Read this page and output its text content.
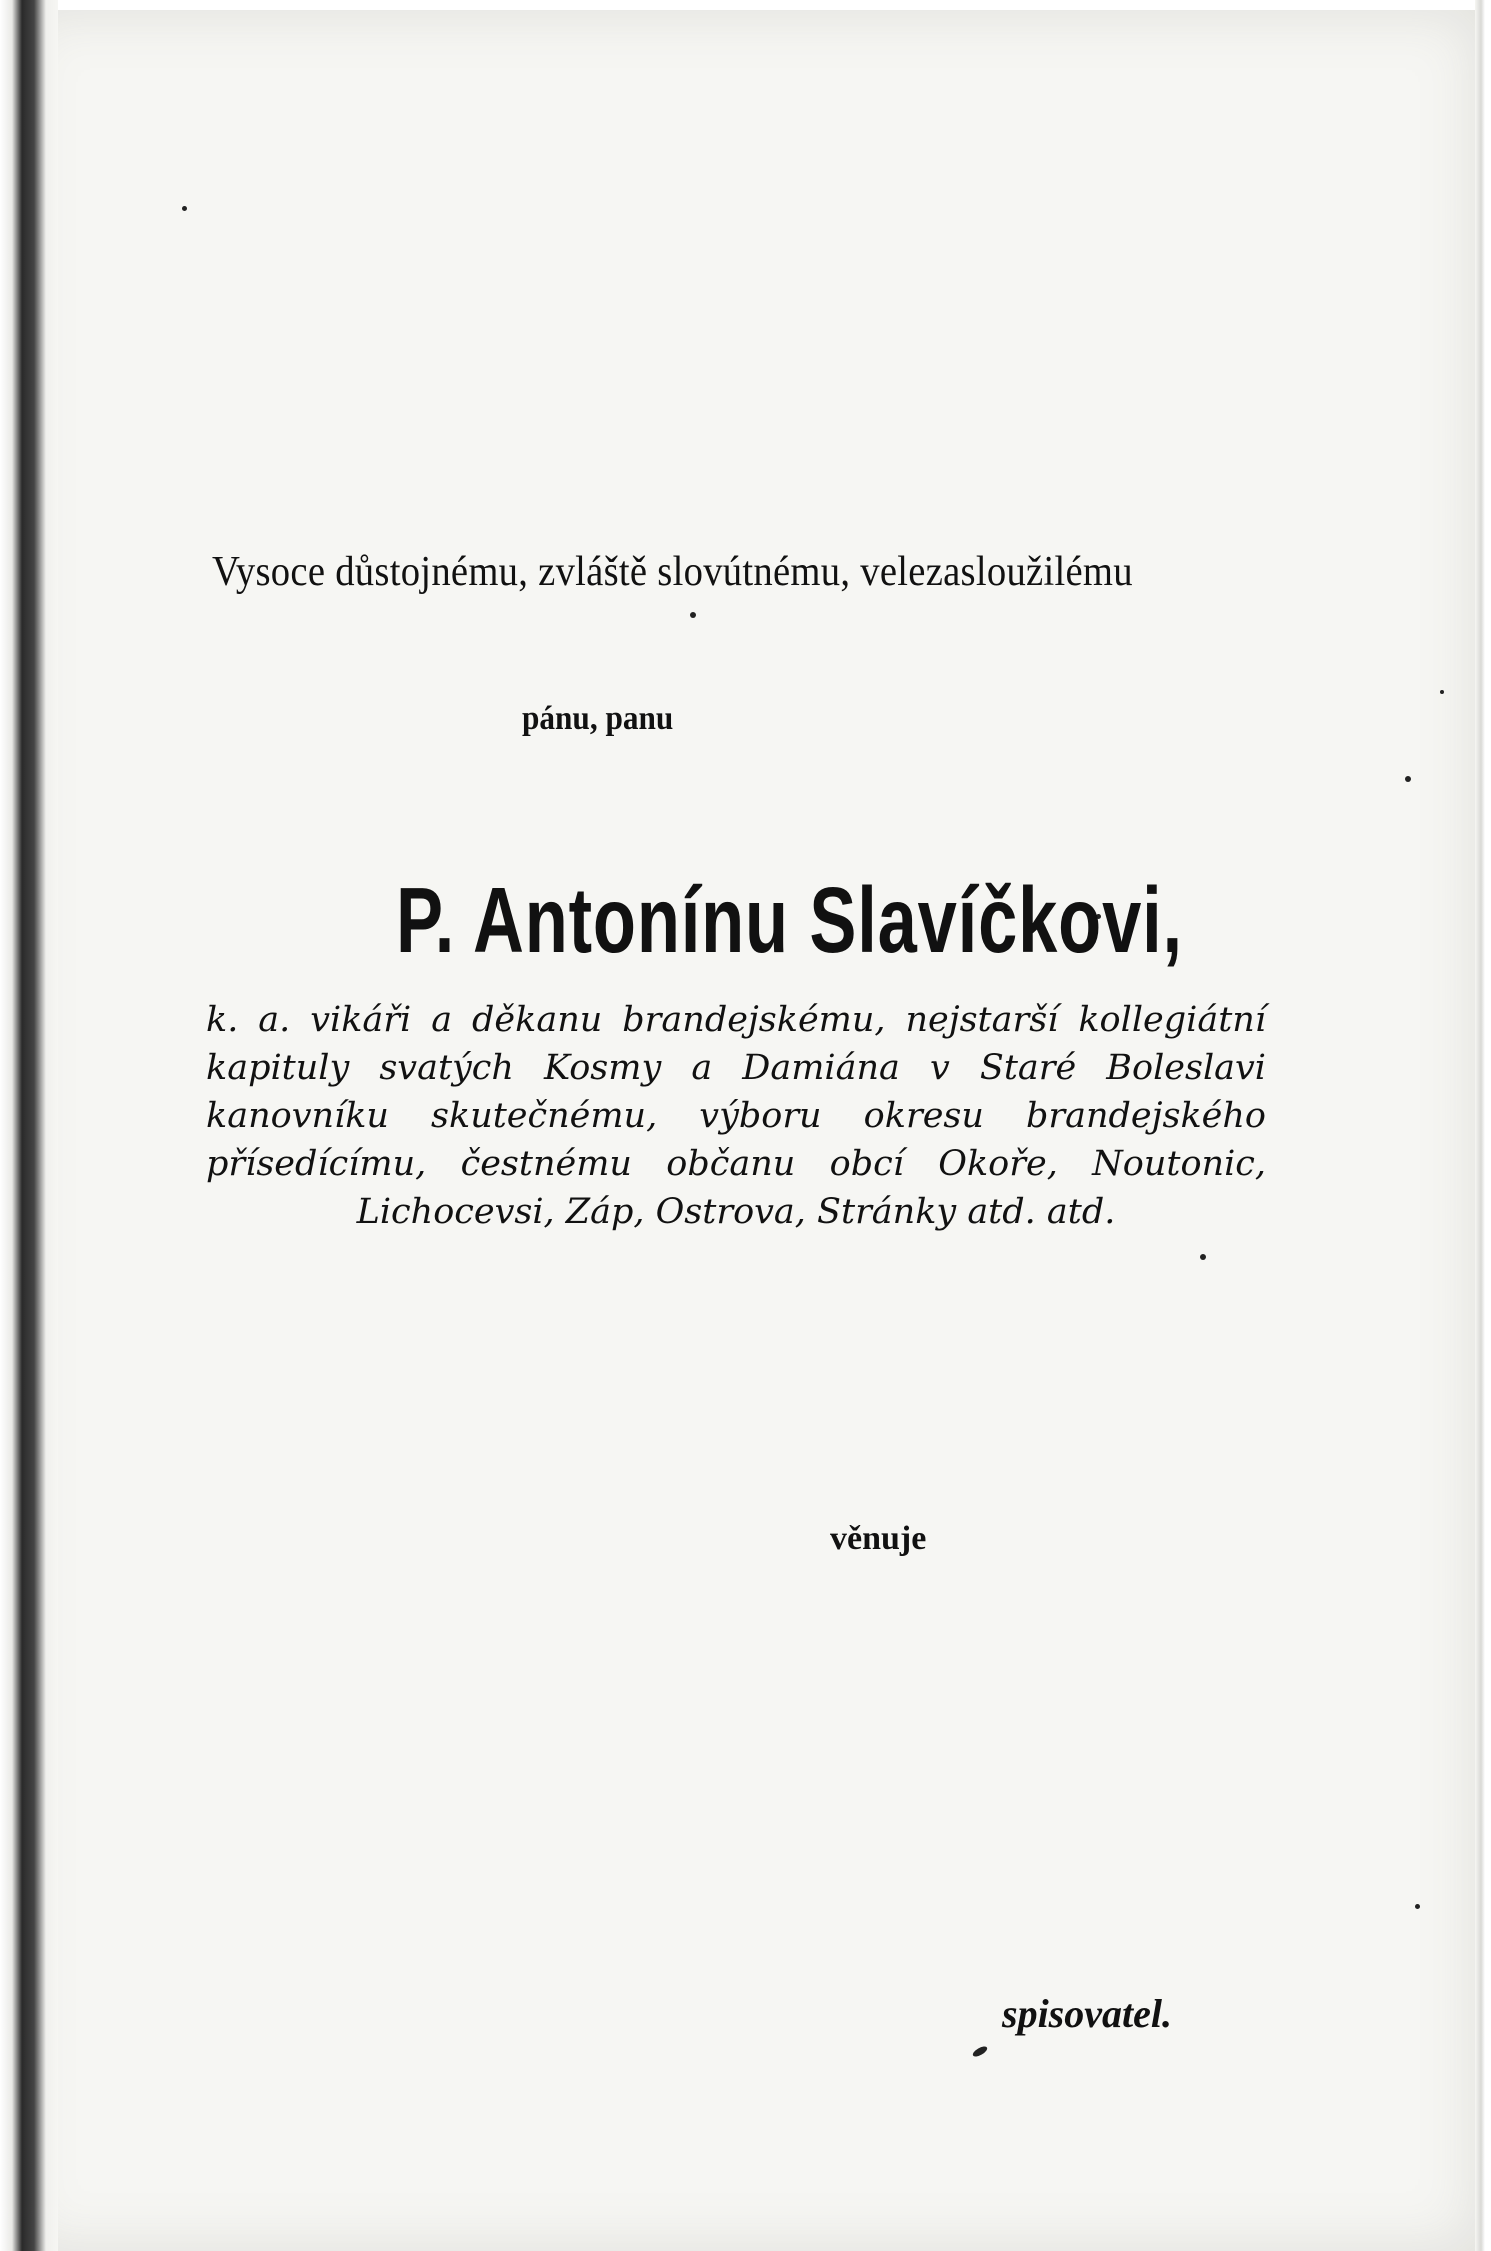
Vysoce důstojnému, zvláště slovútnému, velezasloužilému
pánu, panu
P. Antonínu Slavíčkovi,
k. a. vikáři a děkanu brandejskému, nejstarší kollegiátní kapituly svatých Kosmy a Damiána v Staré Boleslavi kanovníku skutečnému, výboru okresu brandejského přísedícímu, čestnému občanu obcí Okoře, Noutonic, Lichocevsi, Záp, Ostrova, Stránky atd. atd.
věnuje
spisovatel.
